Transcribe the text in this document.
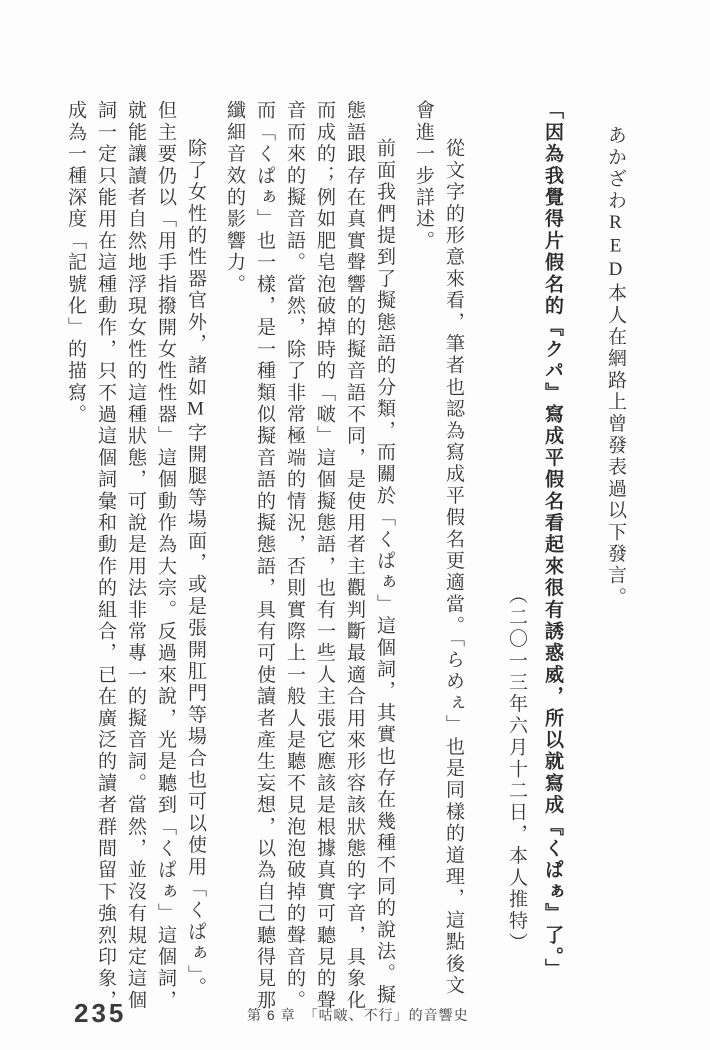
あかざわRED本人在網路上曾發表過以下發言。

「因為我覺得片假名的『クパ』寫成平假名看起來很有誘惑威，所以就寫成『くぱぁ』了。」

（二〇一三年六月十二日，本人推特）

從文字的形意來看，筆者也認為寫成平假名更適當。「らめぇ」也是同樣的道理，這點後文會進一步詳述。

前面我們提到了擬態語的分類，而關於「くぱぁ」這個詞，其實也存在幾種不同的說法。擬態語跟存在真實聲響的的擬音語不同，是使用者主觀判斷最適合用來形容該狀態的字音，具象化而成的；例如肥皂泡破掉時的「啵」這個擬態語，也有一些人主張它應該是根據真實可聽見的聲音而來的擬音語。當然，除了非常極端的情況，否則實際上一般人是聽不見泡泡破掉的聲音的。而「くぱぁ」也一樣，是一種類似擬音語的擬態語，具有可使讀者產生妄想，以為自己聽得見那纖細音效的影響力。

除了女性的性器官外，諸如M字開腿等場面，或是張開肛門等場合也可以使用「くぱぁ」。但主要仍以「用手指撥開女性性器」這個動作為大宗。反過來說，光是聽到「くぱぁ」這個詞，就能讓讀者自然地浮現女性的這種狀態，可說是用法非常專一的擬音詞。當然，並沒有規定這個詞一定只能用在這種動作，只不過這個詞彙和動作的組合，已在廣泛的讀者群間留下強烈印象，成為一種深度「記號化」的描寫。

235	第 6 章　「咕啵、不行」的音響史
